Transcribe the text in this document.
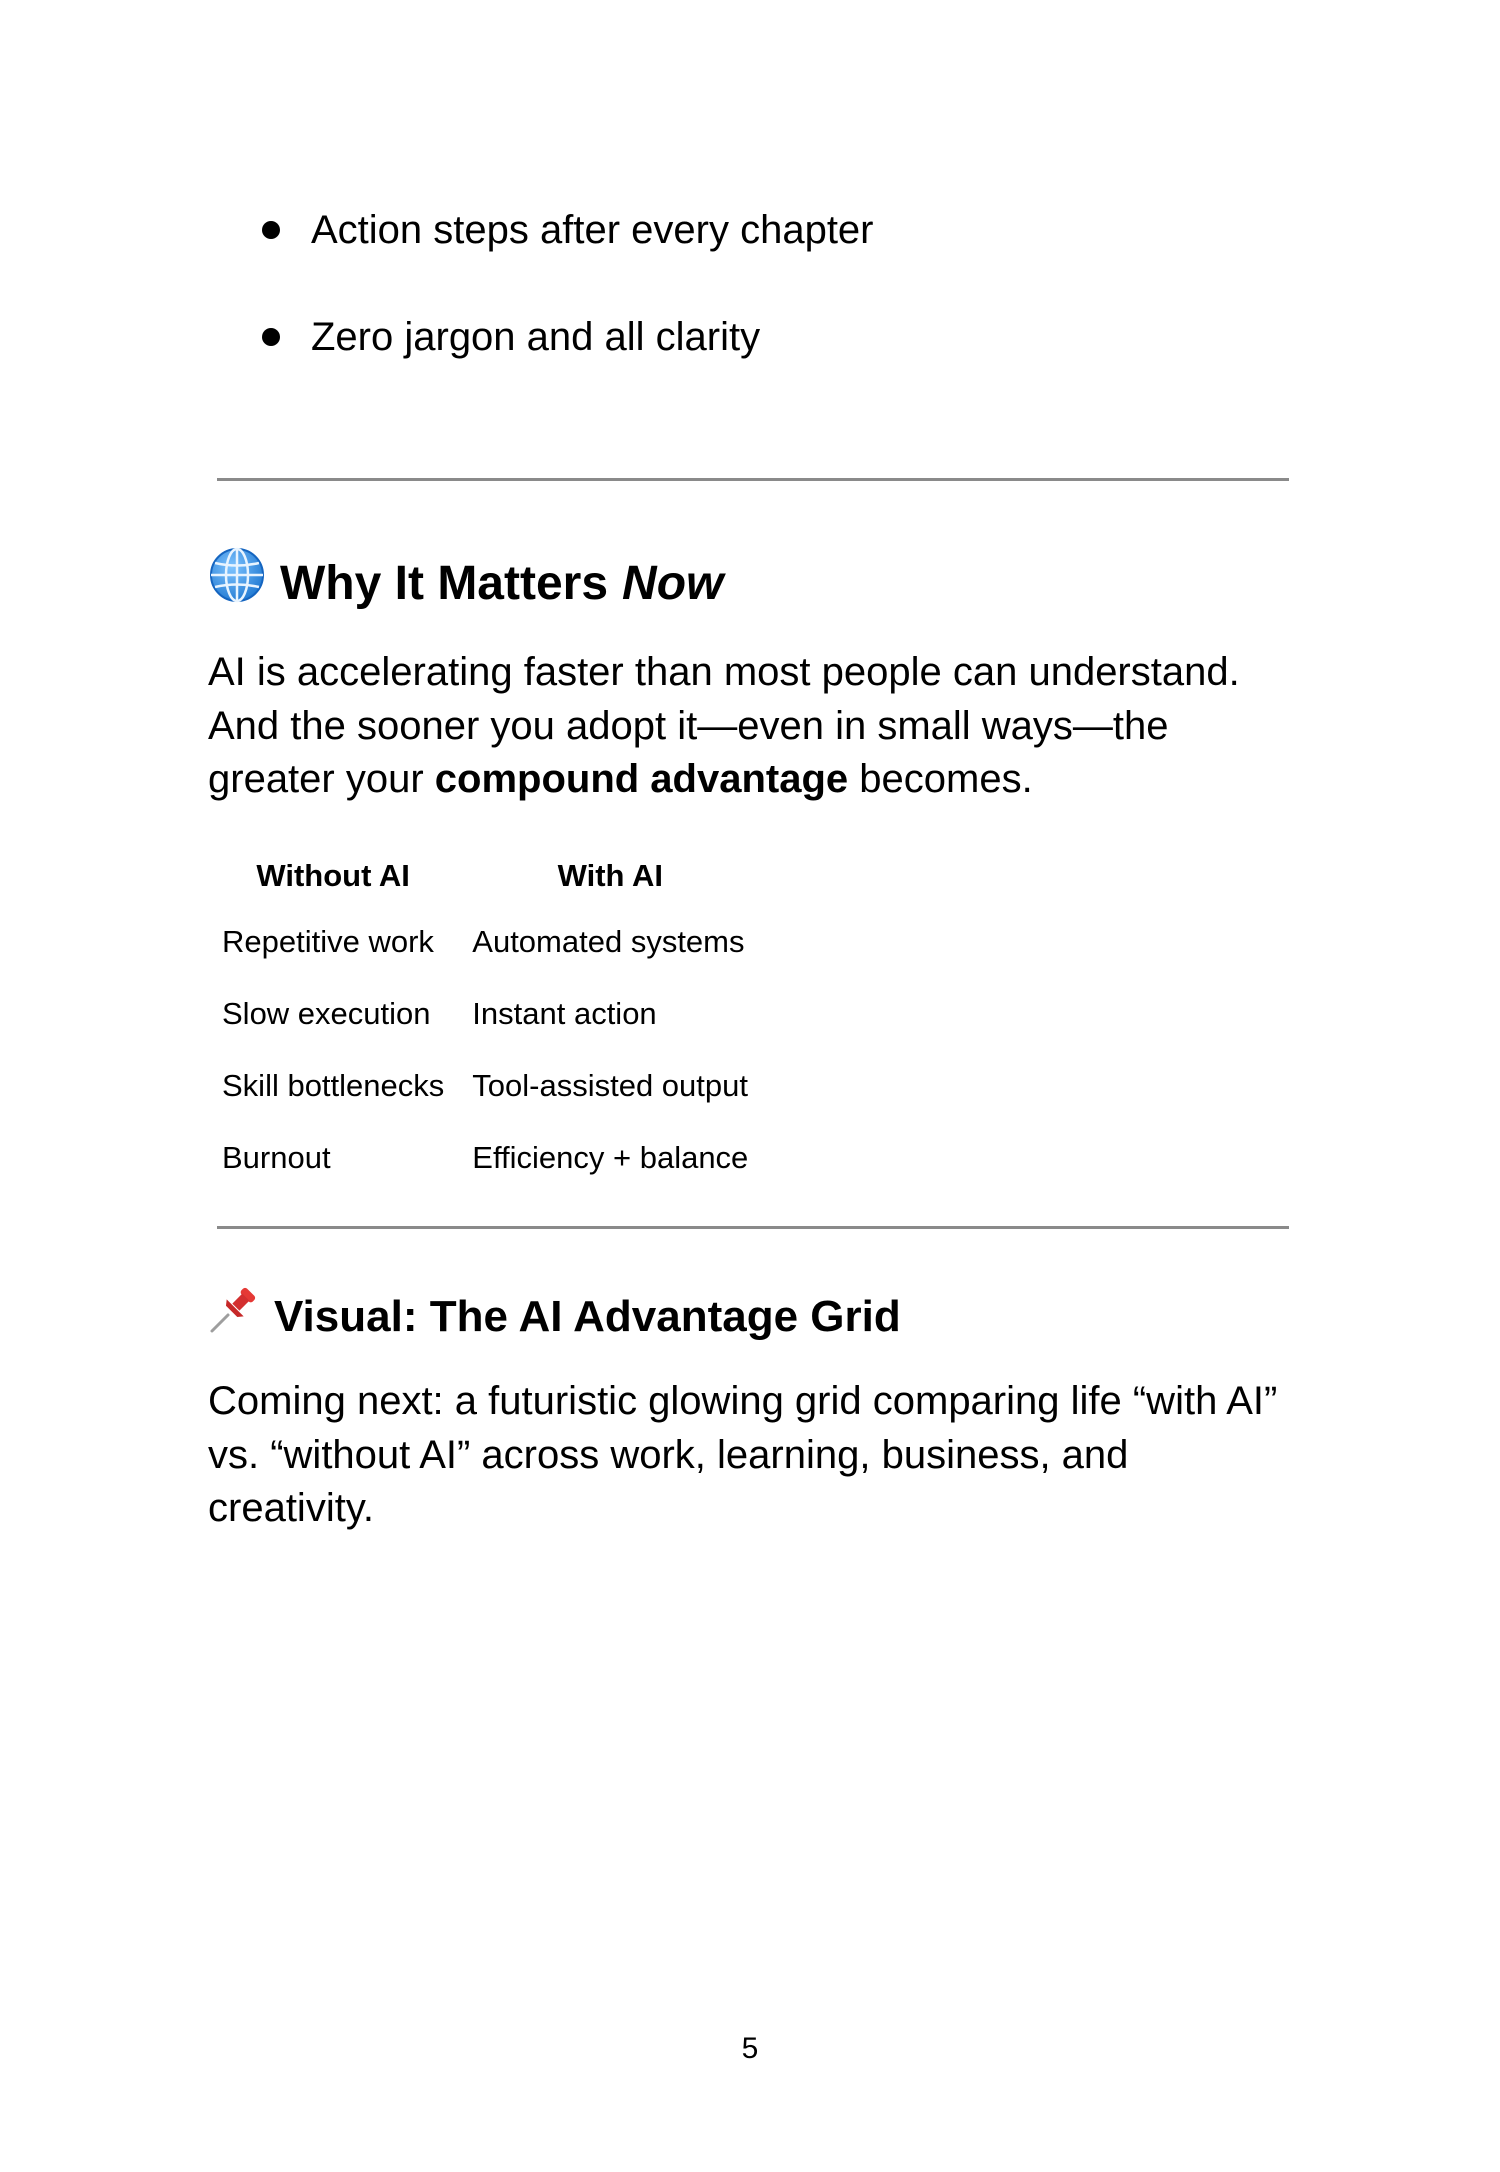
Action steps after every chapter
Zero jargon and all clarity
Why It Matters Now

AI is accelerating faster than most people can understand. And the sooner you adopt it—even in small ways—the greater your compound advantage becomes.

Without AI	With AI
Repetitive work	Automated systems
Slow execution	Instant action
Skill bottlenecks	Tool-assisted output
Burnout	Efficiency + balance
Visual: The AI Advantage Grid

Coming next: a futuristic glowing grid comparing life “with AI” vs. “without AI” across work, learning, business, and creativity.

5
